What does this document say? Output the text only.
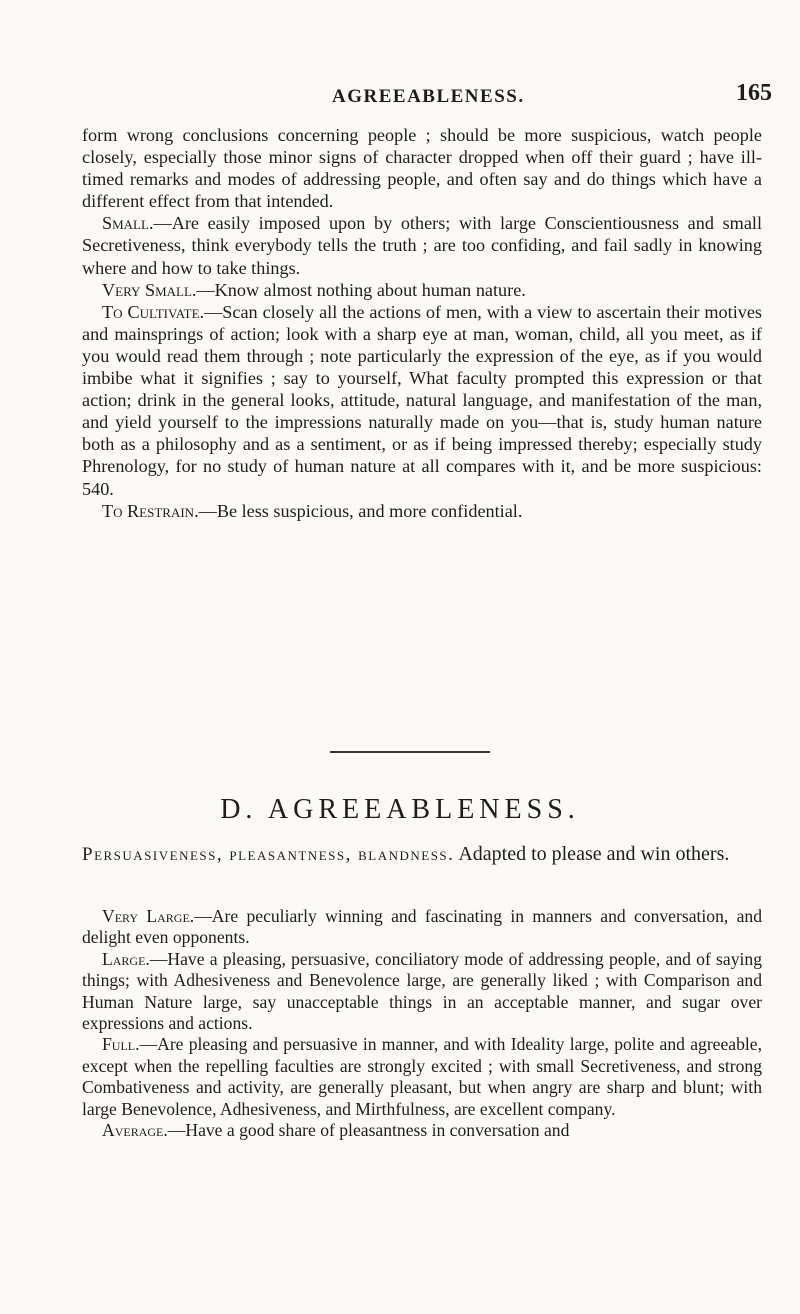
AGREEABLENESS.	165

form wrong conclusions concerning people ; should be more suspicious, watch people closely, especially those minor signs of character dropped when off their guard ; have ill-timed remarks and modes of addressing people, and often say and do things which have a different effect from that intended.

Small.—Are easily imposed upon by others; with large Conscientiousness and small Secretiveness, think everybody tells the truth ; are too confiding, and fail sadly in knowing where and how to take things.

Very Small.—Know almost nothing about human nature.

To Cultivate.—Scan closely all the actions of men, with a view to ascertain their motives and mainsprings of action; look with a sharp eye at man, woman, child, all you meet, as if you would read them through ; note particularly the expression of the eye, as if you would imbibe what it signifies ; say to yourself, What faculty prompted this expression or that action; drink in the general looks, attitude, natural language, and manifestation of the man, and yield yourself to the impressions naturally made on you—that is, study human nature both as a philosophy and as a sentiment, or as if being impressed thereby; especially study Phrenology, for no study of human nature at all compares with it, and be more suspicious: 540.

To Restrain.—Be less suspicious, and more confidential.

D. AGREEABLENESS.
Persuasiveness, pleasantness, blandness. Adapted to please and win others.

Very Large.—Are peculiarly winning and fascinating in manners and conversation, and delight even opponents.

Large.—Have a pleasing, persuasive, conciliatory mode of addressing people, and of saying things; with Adhesiveness and Benevolence large, are generally liked ; with Comparison and Human Nature large, say unacceptable things in an acceptable manner, and sugar over expressions and actions.

Full.—Are pleasing and persuasive in manner, and with Ideality large, polite and agreeable, except when the repelling faculties are strongly excited ; with small Secretiveness, and strong Combativeness and activity, are generally pleasant, but when angry are sharp and blunt; with large Benevolence, Adhesiveness, and Mirthfulness, are excellent company.

Average.—Have a good share of pleasantness in conversation and
